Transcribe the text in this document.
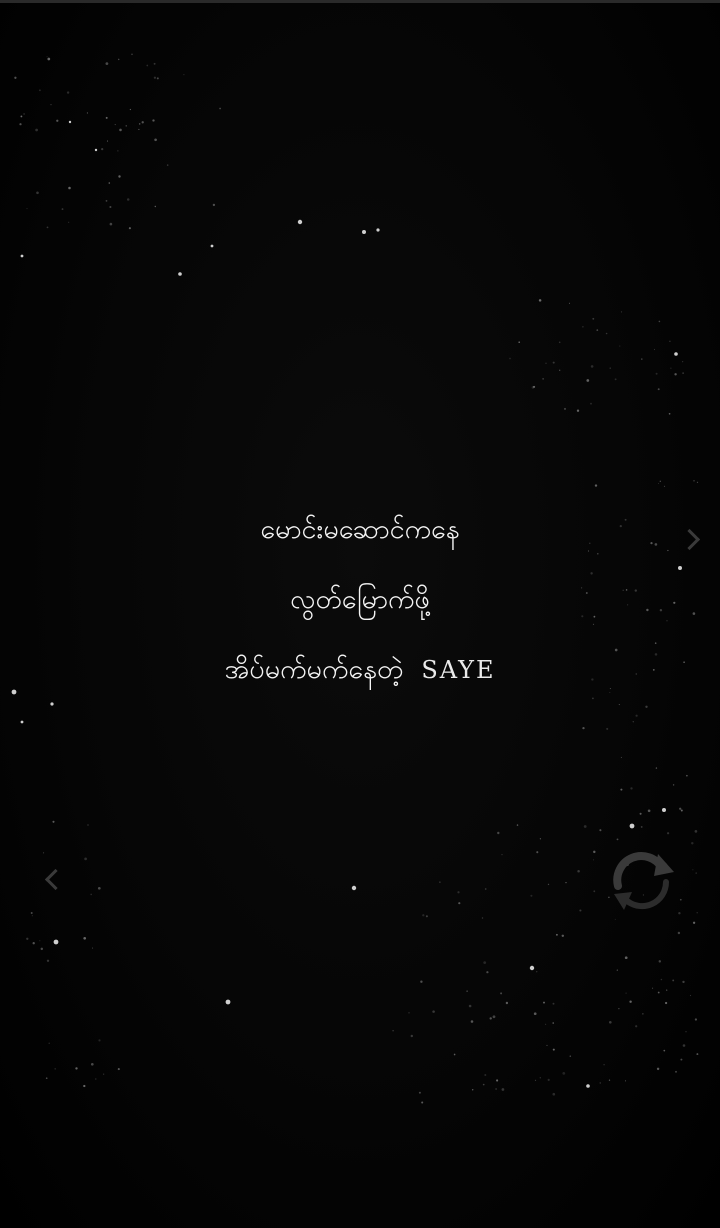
မောင်းမဆောင်ကနေ
လွတ်မြောက်ဖို့
အိပ်မက်မက်နေတဲ့ SAYE
